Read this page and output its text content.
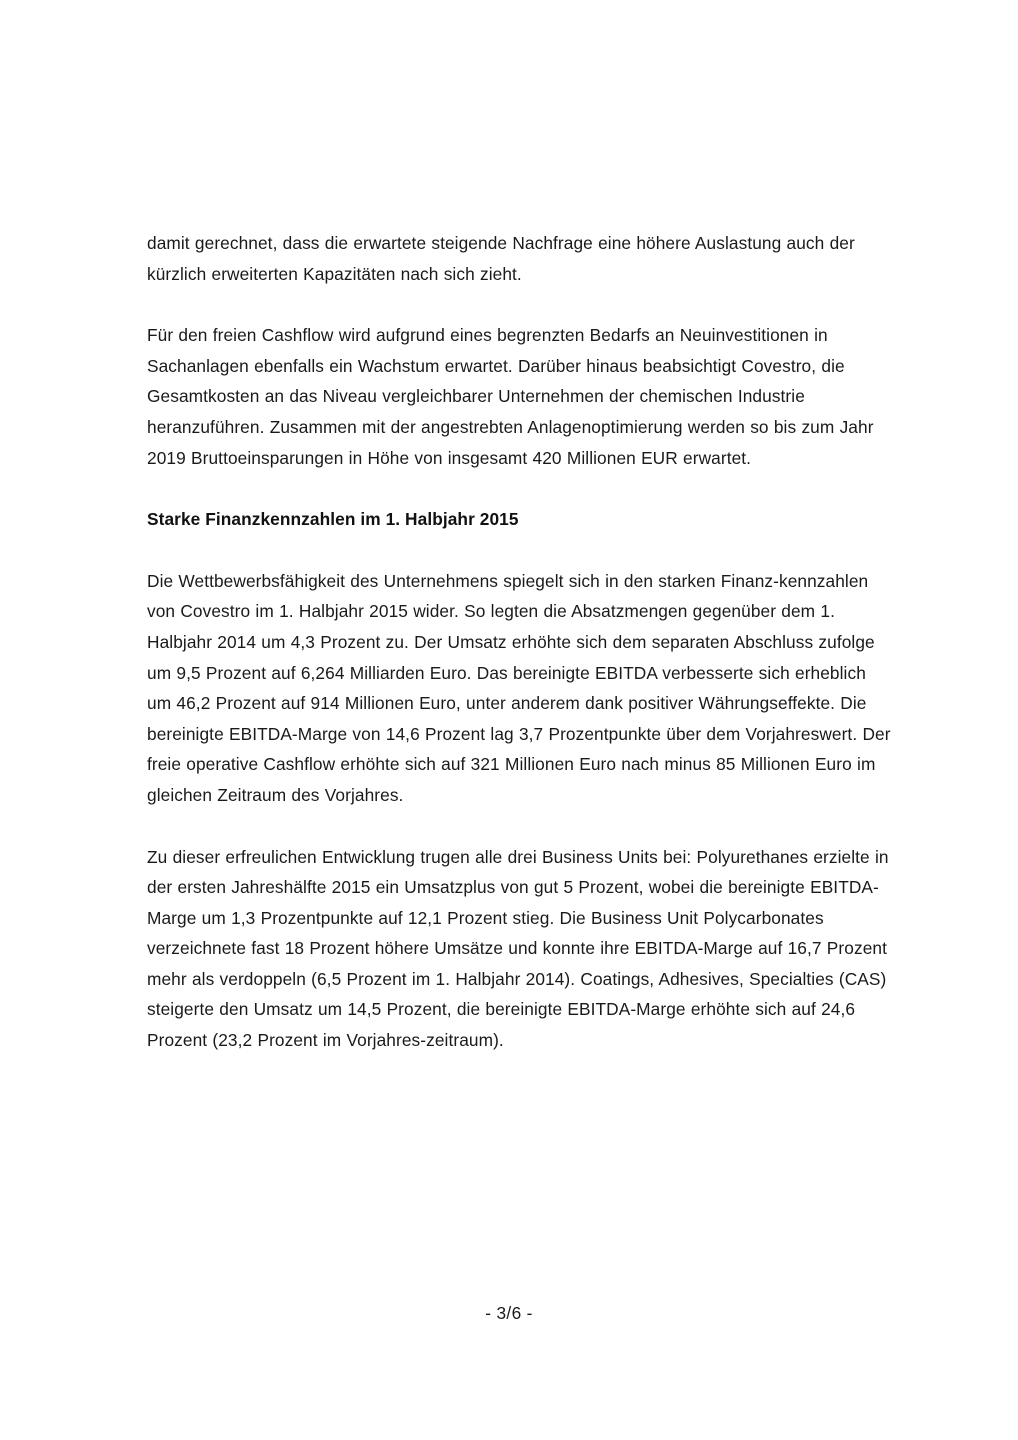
damit gerechnet, dass die erwartete steigende Nachfrage eine höhere Auslastung auch der kürzlich erweiterten Kapazitäten nach sich zieht.

Für den freien Cashflow wird aufgrund eines begrenzten Bedarfs an Neuinvestitionen in Sachanlagen ebenfalls ein Wachstum erwartet. Darüber hinaus beabsichtigt Covestro, die Gesamtkosten an das Niveau vergleichbarer Unternehmen der chemischen Industrie heranzuführen. Zusammen mit der angestrebten Anlagenoptimierung werden so bis zum Jahr 2019 Bruttoeinsparungen in Höhe von insgesamt 420 Millionen EUR erwartet.

Starke Finanzkennzahlen im 1. Halbjahr 2015

Die Wettbewerbsfähigkeit des Unternehmens spiegelt sich in den starken Finanz-kennzahlen von Covestro im 1. Halbjahr 2015 wider. So legten die Absatzmengen gegenüber dem 1. Halbjahr 2014 um 4,3 Prozent zu. Der Umsatz erhöhte sich dem separaten Abschluss zufolge um 9,5 Prozent auf 6,264 Milliarden Euro. Das bereinigte EBITDA verbesserte sich erheblich um 46,2 Prozent auf 914 Millionen Euro, unter anderem dank positiver Währungseffekte. Die bereinigte EBITDA-Marge von 14,6 Prozent lag 3,7 Prozentpunkte über dem Vorjahreswert. Der freie operative Cashflow erhöhte sich auf 321 Millionen Euro nach minus 85 Millionen Euro im gleichen Zeitraum des Vorjahres.

Zu dieser erfreulichen Entwicklung trugen alle drei Business Units bei: Polyurethanes erzielte in der ersten Jahreshälfte 2015 ein Umsatzplus von gut 5 Prozent, wobei die bereinigte EBITDA-Marge um 1,3 Prozentpunkte auf 12,1 Prozent stieg. Die Business Unit Polycarbonates verzeichnete fast 18 Prozent höhere Umsätze und konnte ihre EBITDA-Marge auf 16,7 Prozent mehr als verdoppeln (6,5 Prozent im 1. Halbjahr 2014). Coatings, Adhesives, Specialties (CAS) steigerte den Umsatz um 14,5 Prozent, die bereinigte EBITDA-Marge erhöhte sich auf 24,6 Prozent (23,2 Prozent im Vorjahres-zeitraum).

- 3/6 -
